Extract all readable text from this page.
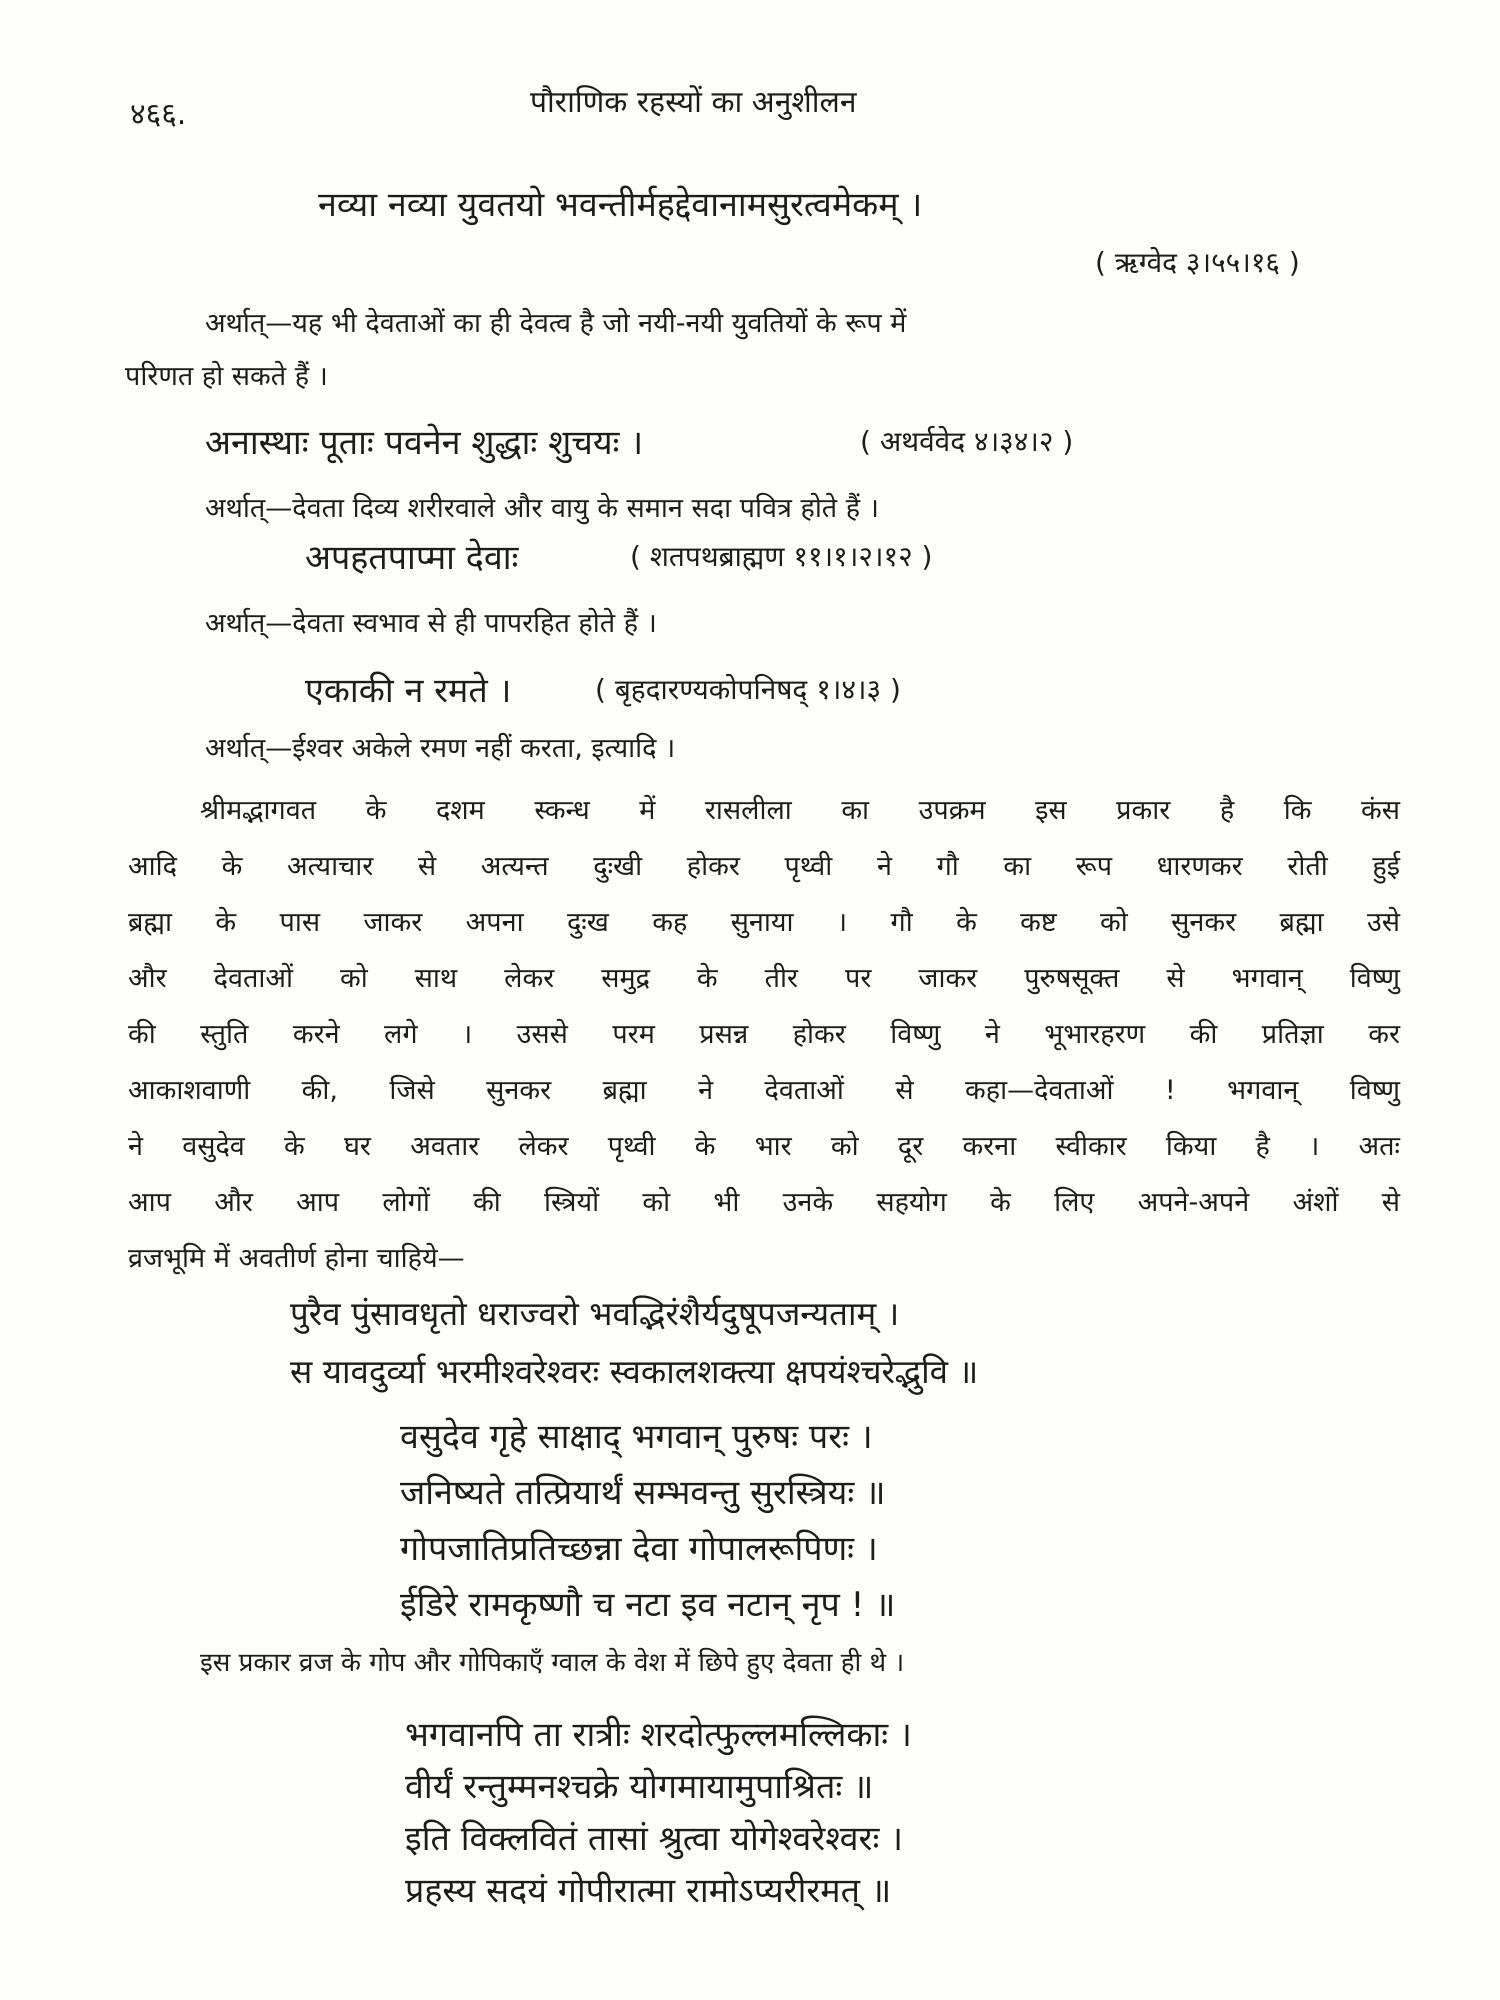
४६६.	पौराणिक रहस्यों का अनुशीलन
नव्या नव्या युवतयो भवन्तीर्महद्देवानामसुरत्वमेकम् ।
( ऋग्वेद ३।५५।१६ )
अर्थात्—यह भी देवताओं का ही देवत्व है जो नयी-नयी युवतियों के रूप में
परिणत हो सकते हैं ।
अनास्थाः पूताः पवनेन शुद्धाः शुचयः ।	( अथर्ववेद ४।३४।२ )
अर्थात्—देवता दिव्य शरीरवाले और वायु के समान सदा पवित्र होते हैं ।
अपहतपाप्मा देवाः	( शतपथब्राह्मण ११।१।२।१२ )
अर्थात्—देवता स्वभाव से ही पापरहित होते हैं ।
एकाकी न रमते ।	( बृहदारण्यकोपनिषद् १।४।३ )
अर्थात्—ईश्वर अकेले रमण नहीं करता, इत्यादि ।
श्रीमद्भागवत के दशम स्कन्ध में रासलीला का उपक्रम इस प्रकार है कि कंस
आदि के अत्याचार से अत्यन्त दुःखी होकर पृथ्वी ने गौ का रूप धारणकर रोती हुई
ब्रह्मा के पास जाकर अपना दुःख कह सुनाया । गौ के कष्ट को सुनकर ब्रह्मा उसे
और देवताओं को साथ लेकर समुद्र के तीर पर जाकर पुरुषसूक्त से भगवान् विष्णु
की स्तुति करने लगे । उससे परम प्रसन्न होकर विष्णु ने भूभारहरण की प्रतिज्ञा कर
आकाशवाणी की, जिसे सुनकर ब्रह्मा ने देवताओं से कहा—देवताओं ! भगवान् विष्णु
ने वसुदेव के घर अवतार लेकर पृथ्वी के भार को दूर करना स्वीकार किया है । अतः
आप और आप लोगों की स्त्रियों को भी उनके सहयोग के लिए अपने-अपने अंशों से
व्रजभूमि में अवतीर्ण होना चाहिये—
पुरैव पुंसावधृतो धराज्वरो भवद्भिरंशैर्यदुषूपजन्यताम् ।
स यावदुर्व्या भरमीश्वरेश्वरः स्वकालशक्त्या क्षपयंश्चरेद्भुवि ॥
वसुदेव गृहे साक्षाद् भगवान् पुरुषः परः ।
जनिष्यते तत्प्रियार्थं सम्भवन्तु सुरस्त्रियः ॥
गोपजातिप्रतिच्छन्ना देवा गोपालरूपिणः ।
ईडिरे रामकृष्णौ च नटा इव नटान् नृप ! ॥
इस प्रकार व्रज के गोप और गोपिकाएँ ग्वाल के वेश में छिपे हुए देवता ही थे ।
भगवानपि ता रात्रीः शरदोत्फुल्लमल्लिकाः ।
वीर्यं रन्तुम्मनश्चक्रे योगमायामुपाश्रितः ॥
इति विक्लवितं तासां श्रुत्वा योगेश्वरेश्वरः ।
प्रहस्य सदयं गोपीरात्मा रामोऽप्यरीरमत् ॥
